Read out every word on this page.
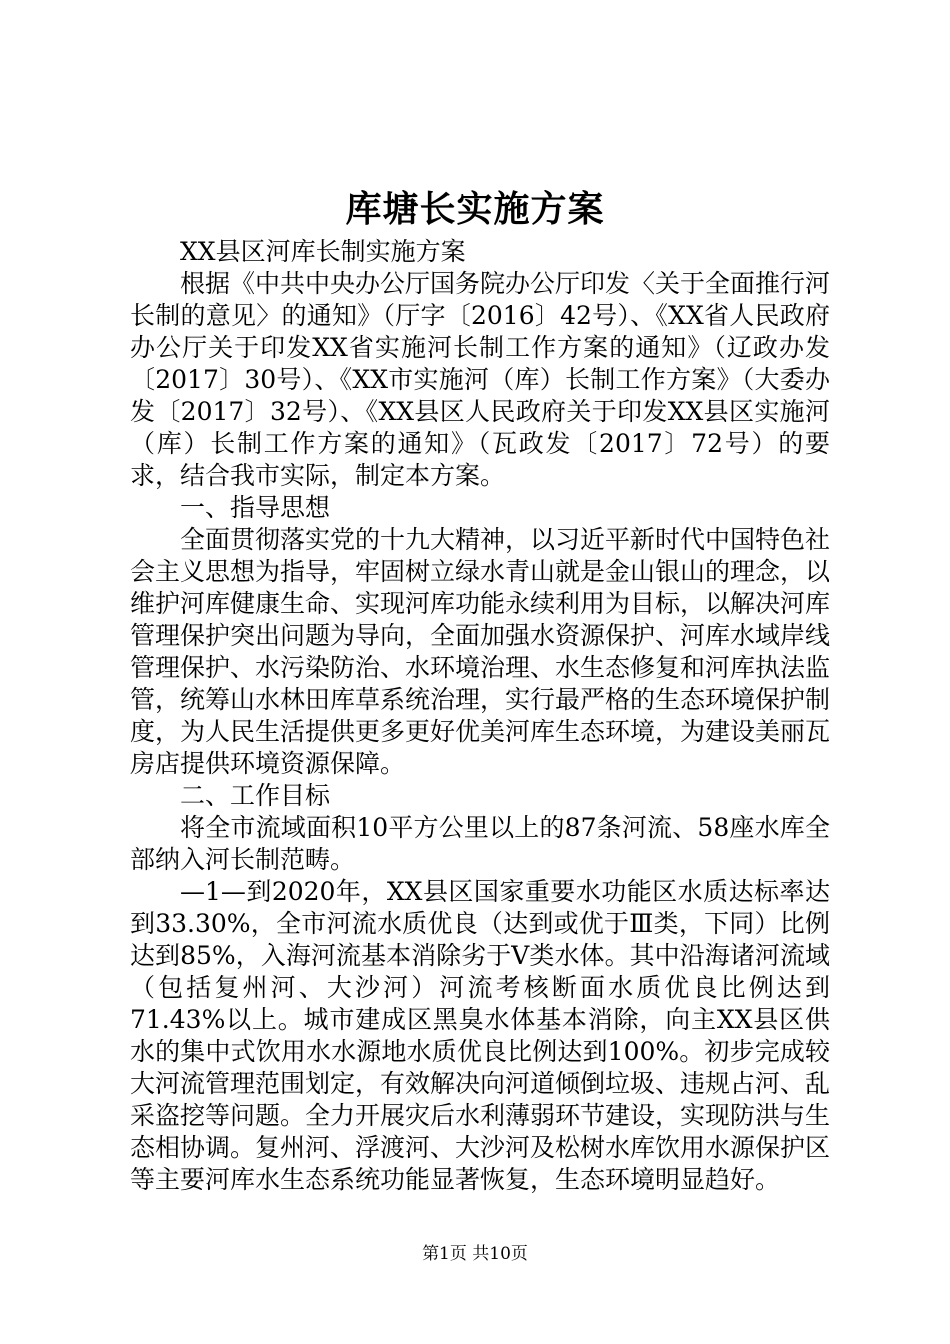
库塘长实施方案

XX县区河库长制实施方案

根据《中共中央办公厅国务院办公厅印发〈关于全面推行河长制的意见〉的通知》（厅字〔2016〕42号）、《XX省人民政府办公厅关于印发XX省实施河长制工作方案的通知》（辽政办发〔2017〕30号）、《XX市实施河（库）长制工作方案》（大委办发〔2017〕32号）、《XX县区人民政府关于印发XX县区实施河（库）长制工作方案的通知》（瓦政发〔2017〕72号）的要求，结合我市实际，制定本方案。

一、指导思想

全面贯彻落实党的十九大精神，以习近平新时代中国特色社会主义思想为指导，牢固树立绿水青山就是金山银山的理念，以维护河库健康生命、实现河库功能永续利用为目标，以解决河库管理保护突出问题为导向，全面加强水资源保护、河库水域岸线管理保护、水污染防治、水环境治理、水生态修复和河库执法监管，统筹山水林田库草系统治理，实行最严格的生态环境保护制度，为人民生活提供更多更好优美河库生态环境，为建设美丽瓦房店提供环境资源保障。

二、工作目标

将全市流域面积10平方公里以上的87条河流、58座水库全部纳入河长制范畴。

—1—到2020年，XX县区国家重要水功能区水质达标率达到33.30%，全市河流水质优良（达到或优于Ⅲ类，下同）比例达到85%，入海河流基本消除劣于Ⅴ类水体。其中沿海诸河流域（包括复州河、大沙河）河流考核断面水质优良比例达到71.43%以上。城市建成区黑臭水体基本消除，向主XX县区供水的集中式饮用水水源地水质优良比例达到100%。初步完成较大河流管理范围划定，有效解决向河道倾倒垃圾、违规占河、乱采盗挖等问题。全力开展灾后水利薄弱环节建设，实现防洪与生态相协调。复州河、浮渡河、大沙河及松树水库饮用水源保护区等主要河库水生态系统功能显著恢复，生态环境明显趋好。

第1页 共10页
